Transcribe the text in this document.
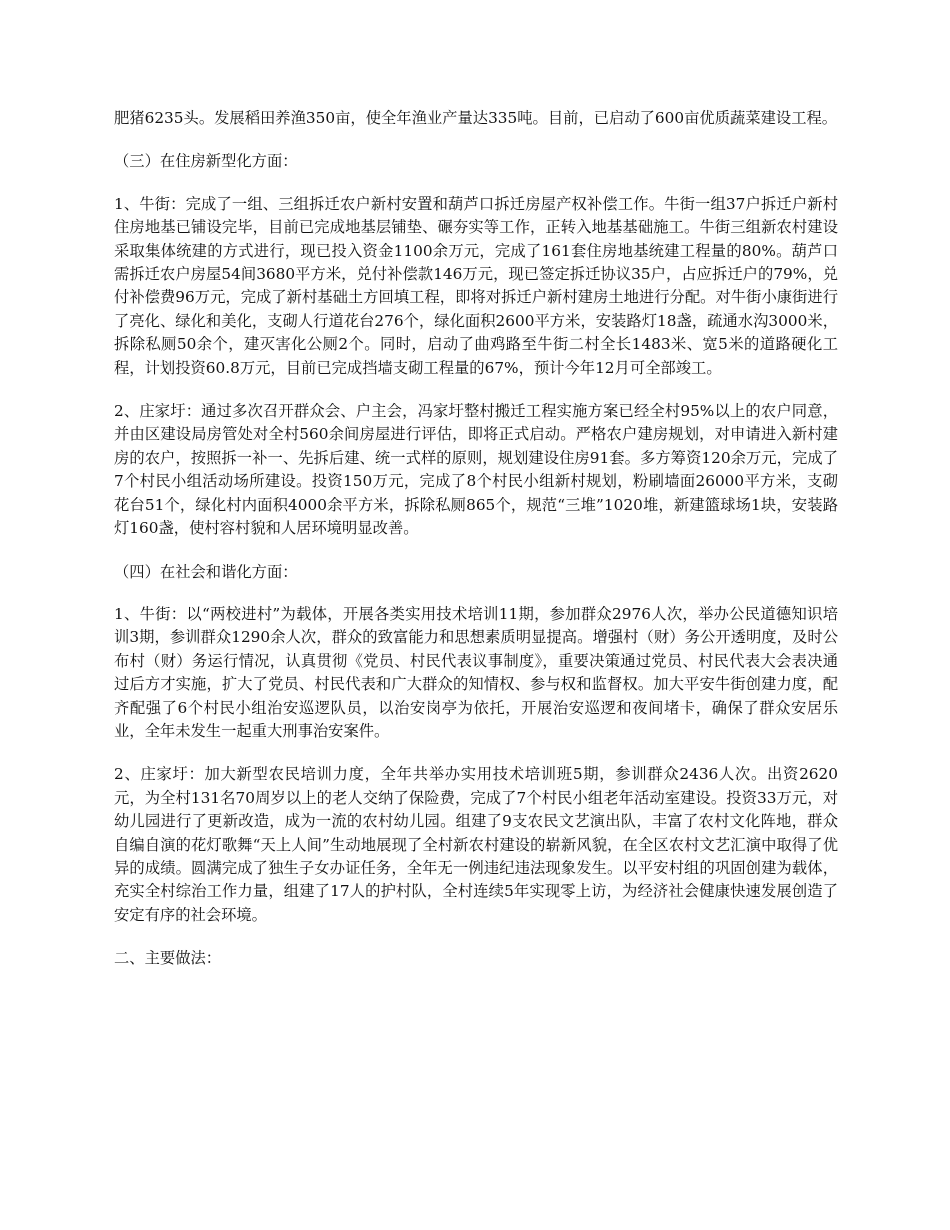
肥猪6235头。发展稻田养渔350亩，使全年渔业产量达335吨。目前，已启动了600亩优质蔬菜建设工程。

（三）在住房新型化方面：

1、牛街：完成了一组、三组拆迁农户新村安置和葫芦口拆迁房屋产权补偿工作。牛街一组37户拆迁户新村住房地基已铺设完毕，目前已完成地基层铺垫、碾夯实等工作，正转入地基基础施工。牛街三组新农村建设采取集体统建的方式进行，现已投入资金1100余万元，完成了161套住房地基统建工程量的80%。葫芦口需拆迁农户房屋54间3680平方米，兑付补偿款146万元，现已签定拆迁协议35户，占应拆迁户的79%，兑付补偿费96万元，完成了新村基础土方回填工程，即将对拆迁户新村建房土地进行分配。对牛街小康街进行了亮化、绿化和美化，支砌人行道花台276个，绿化面积2600平方米，安装路灯18盏，疏通水沟3000米，拆除私厕50余个，建灭害化公厕2个。同时，启动了曲鸡路至牛街二村全长1483米、宽5米的道路硬化工程，计划投资60.8万元，目前已完成挡墙支砌工程量的67%，预计今年12月可全部竣工。

2、庄家圩：通过多次召开群众会、户主会，冯家圩整村搬迁工程实施方案已经全村95%以上的农户同意，并由区建设局房管处对全村560余间房屋进行评估，即将正式启动。严格农户建房规划，对申请进入新村建房的农户，按照拆一补一、先拆后建、统一式样的原则，规划建设住房91套。多方筹资120余万元，完成了7个村民小组活动场所建设。投资150万元，完成了8个村民小组新村规划，粉刷墙面26000平方米，支砌花台51个，绿化村内面积4000余平方米，拆除私厕865个，规范“三堆”1020堆，新建篮球场1块，安装路灯160盏，使村容村貌和人居环境明显改善。

（四）在社会和谐化方面：

1、牛街：以“两校进村”为载体，开展各类实用技术培训11期，参加群众2976人次，举办公民道德知识培训3期，参训群众1290余人次，群众的致富能力和思想素质明显提高。增强村（财）务公开透明度，及时公布村（财）务运行情况，认真贯彻《党员、村民代表议事制度》，重要决策通过党员、村民代表大会表决通过后方才实施，扩大了党员、村民代表和广大群众的知情权、参与权和监督权。加大平安牛街创建力度，配齐配强了6个村民小组治安巡逻队员，以治安岗亭为依托，开展治安巡逻和夜间堵卡，确保了群众安居乐业，全年未发生一起重大刑事治安案件。

2、庄家圩：加大新型农民培训力度，全年共举办实用技术培训班5期，参训群众2436人次。出资2620元，为全村131名70周岁以上的老人交纳了保险费，完成了7个村民小组老年活动室建设。投资33万元，对幼儿园进行了更新改造，成为一流的农村幼儿园。组建了9支农民文艺演出队，丰富了农村文化阵地，群众自编自演的花灯歌舞“天上人间”生动地展现了全村新农村建设的崭新风貌，在全区农村文艺汇演中取得了优异的成绩。圆满完成了独生子女办证任务，全年无一例违纪违法现象发生。以平安村组的巩固创建为载体，充实全村综治工作力量，组建了17人的护村队，全村连续5年实现零上访，为经济社会健康快速发展创造了安定有序的社会环境。

二、主要做法：
